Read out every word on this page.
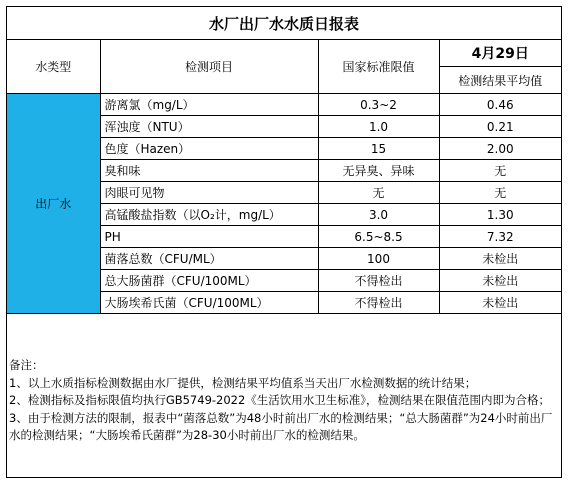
水厂出厂水水质日报表			
水类型	检测项目	国家标准限值	4月29日
			检测结果平均值
出厂水	游离氯（mg/L）	0.3~2	0.46
	浑浊度（NTU）	1.0	0.21
	色度（Hazen）	15	2.00
	臭和味	无异臭、异味	无
	肉眼可见物	无	无
	高锰酸盐指数（以O₂计，mg/L）	3.0	1.30
	PH	6.5~8.5	7.32
	菌落总数（CFU/ML）	100	未检出
	总大肠菌群（CFU/100ML）	不得检出	未检出
	大肠埃希氏菌（CFU/100ML）	不得检出	未检出
备注：
1、以上水质指标检测数据由水厂提供，检测结果平均值系当天出厂水检测数据的统计结果；
2、检测指标及指标限值均执行GB5749-2022《生活饮用水卫生标准》，检测结果在限值范围内即为合格；
3、由于检测方法的限制，报表中“菌落总数”为48小时前出厂水的检测结果；“总大肠菌群”为24小时前出厂水的检测结果；“大肠埃希氏菌群”为28-30小时前出厂水的检测结果。
